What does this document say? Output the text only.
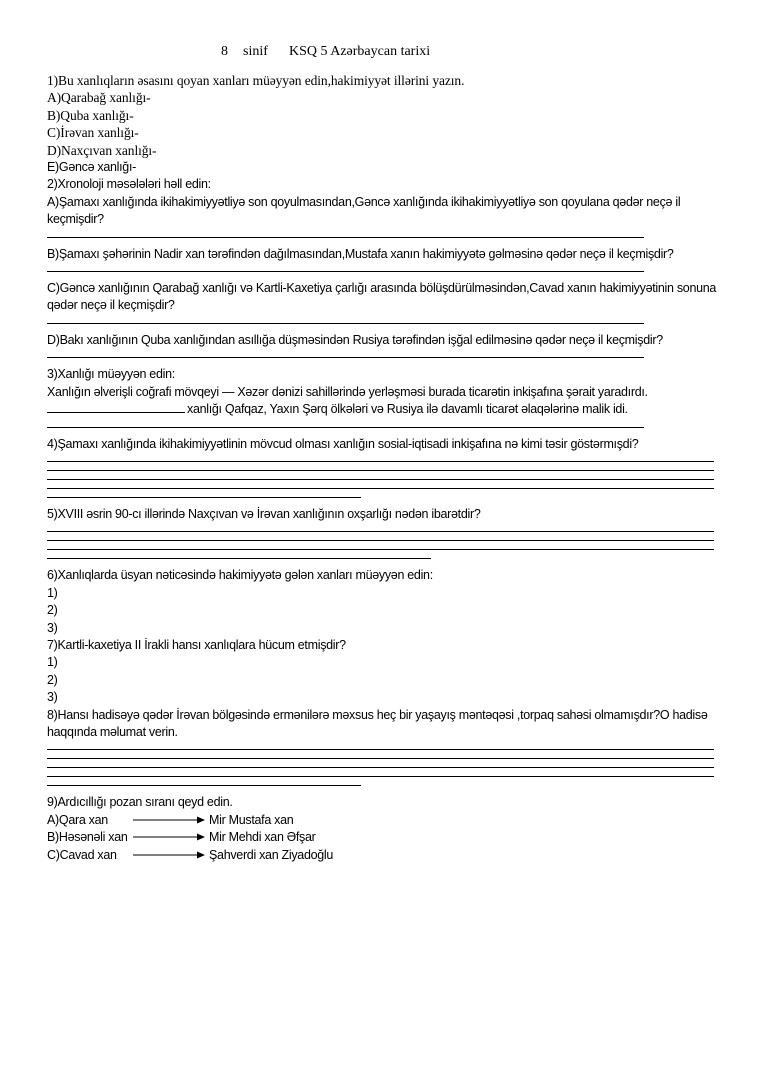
8 sinif KSQ 5 Azərbaycan tarixi
1)Bu xanlıqların əsasını qoyan xanları müəyyən edin,hakimiyyət illərini yazın.
A)Qarabağ xanlığı-
B)Quba xanlığı-
C)İrəvan xanlığı-
D)Naxçıvan xanlığı-
E)Gəncə xanlığı-
2)Xronoloji məsələləri həll edin:
A)Şamaxı xanlığında ikihakimiyyətliyə son qoyulmasından,Gəncə xanlığında ikihakimiyyətliyə son qoyulana qədər neçə il keçmişdir?
B)Şamaxı şəhərinin Nadir xan tərəfindən dağılmasından,Mustafa xanın hakimiyyətə gəlməsinə qədər neçə il keçmişdir?
C)Gəncə xanlığının Qarabağ xanlığı və Kartli-Kaxetiya çarlığı arasında bölüşdürülməsindən,Cavad xanın hakimiyyətinin sonuna qədər neçə il keçmişdir?
D)Bakı xanlığının Quba xanlığından asıllığa düşməsindən Rusiya tərəfindən işğal edilməsinə qədər neçə il keçmişdir?
3)Xanlığı müəyyən edin:
Xanlığın əlverişli coğrafi mövqeyi — Xəzər dənizi sahillərində yerləşməsi burada ticarətin inkişafına şərait yaradırdı.
xanlığı Qafqaz, Yaxın Şərq ölkələri və Rusiya ilə davamlı ticarət əlaqələrinə malik idi.
4)Şamaxı xanlığında ikihakimiyyətlinin mövcud olması xanlığın sosial-iqtisadi inkişafına nə kimi təsir göstərmışdi?
5)XVIII əsrin 90-cı illərində Naxçıvan və İrəvan xanlığının oxşarlığı nədən ibarətdir?
6)Xanlıqlarda üsyan nəticəsində hakimiyyətə gələn xanları müəyyən edin:
1)
2)
3)
7)Kartli-kaxetiya II İrakli hansı xanlıqlara hücum etmişdir?
1)
2)
3)
8)Hansı hadisəyə qədər İrəvan bölgəsində ermənilərə məxsus heç bir yaşayış məntəqəsi ,torpaq sahəsi olmamışdır?O hadisə haqqında məlumat verin.
9)Ardıcıllığı pozan sıranı qeyd edin.
A)Qara xan	Mir Mustafa xan
B)Həsənəli xan	Mir Mehdi xan Əfşar
C)Cavad xan	Şahverdi xan Ziyadoğlu
